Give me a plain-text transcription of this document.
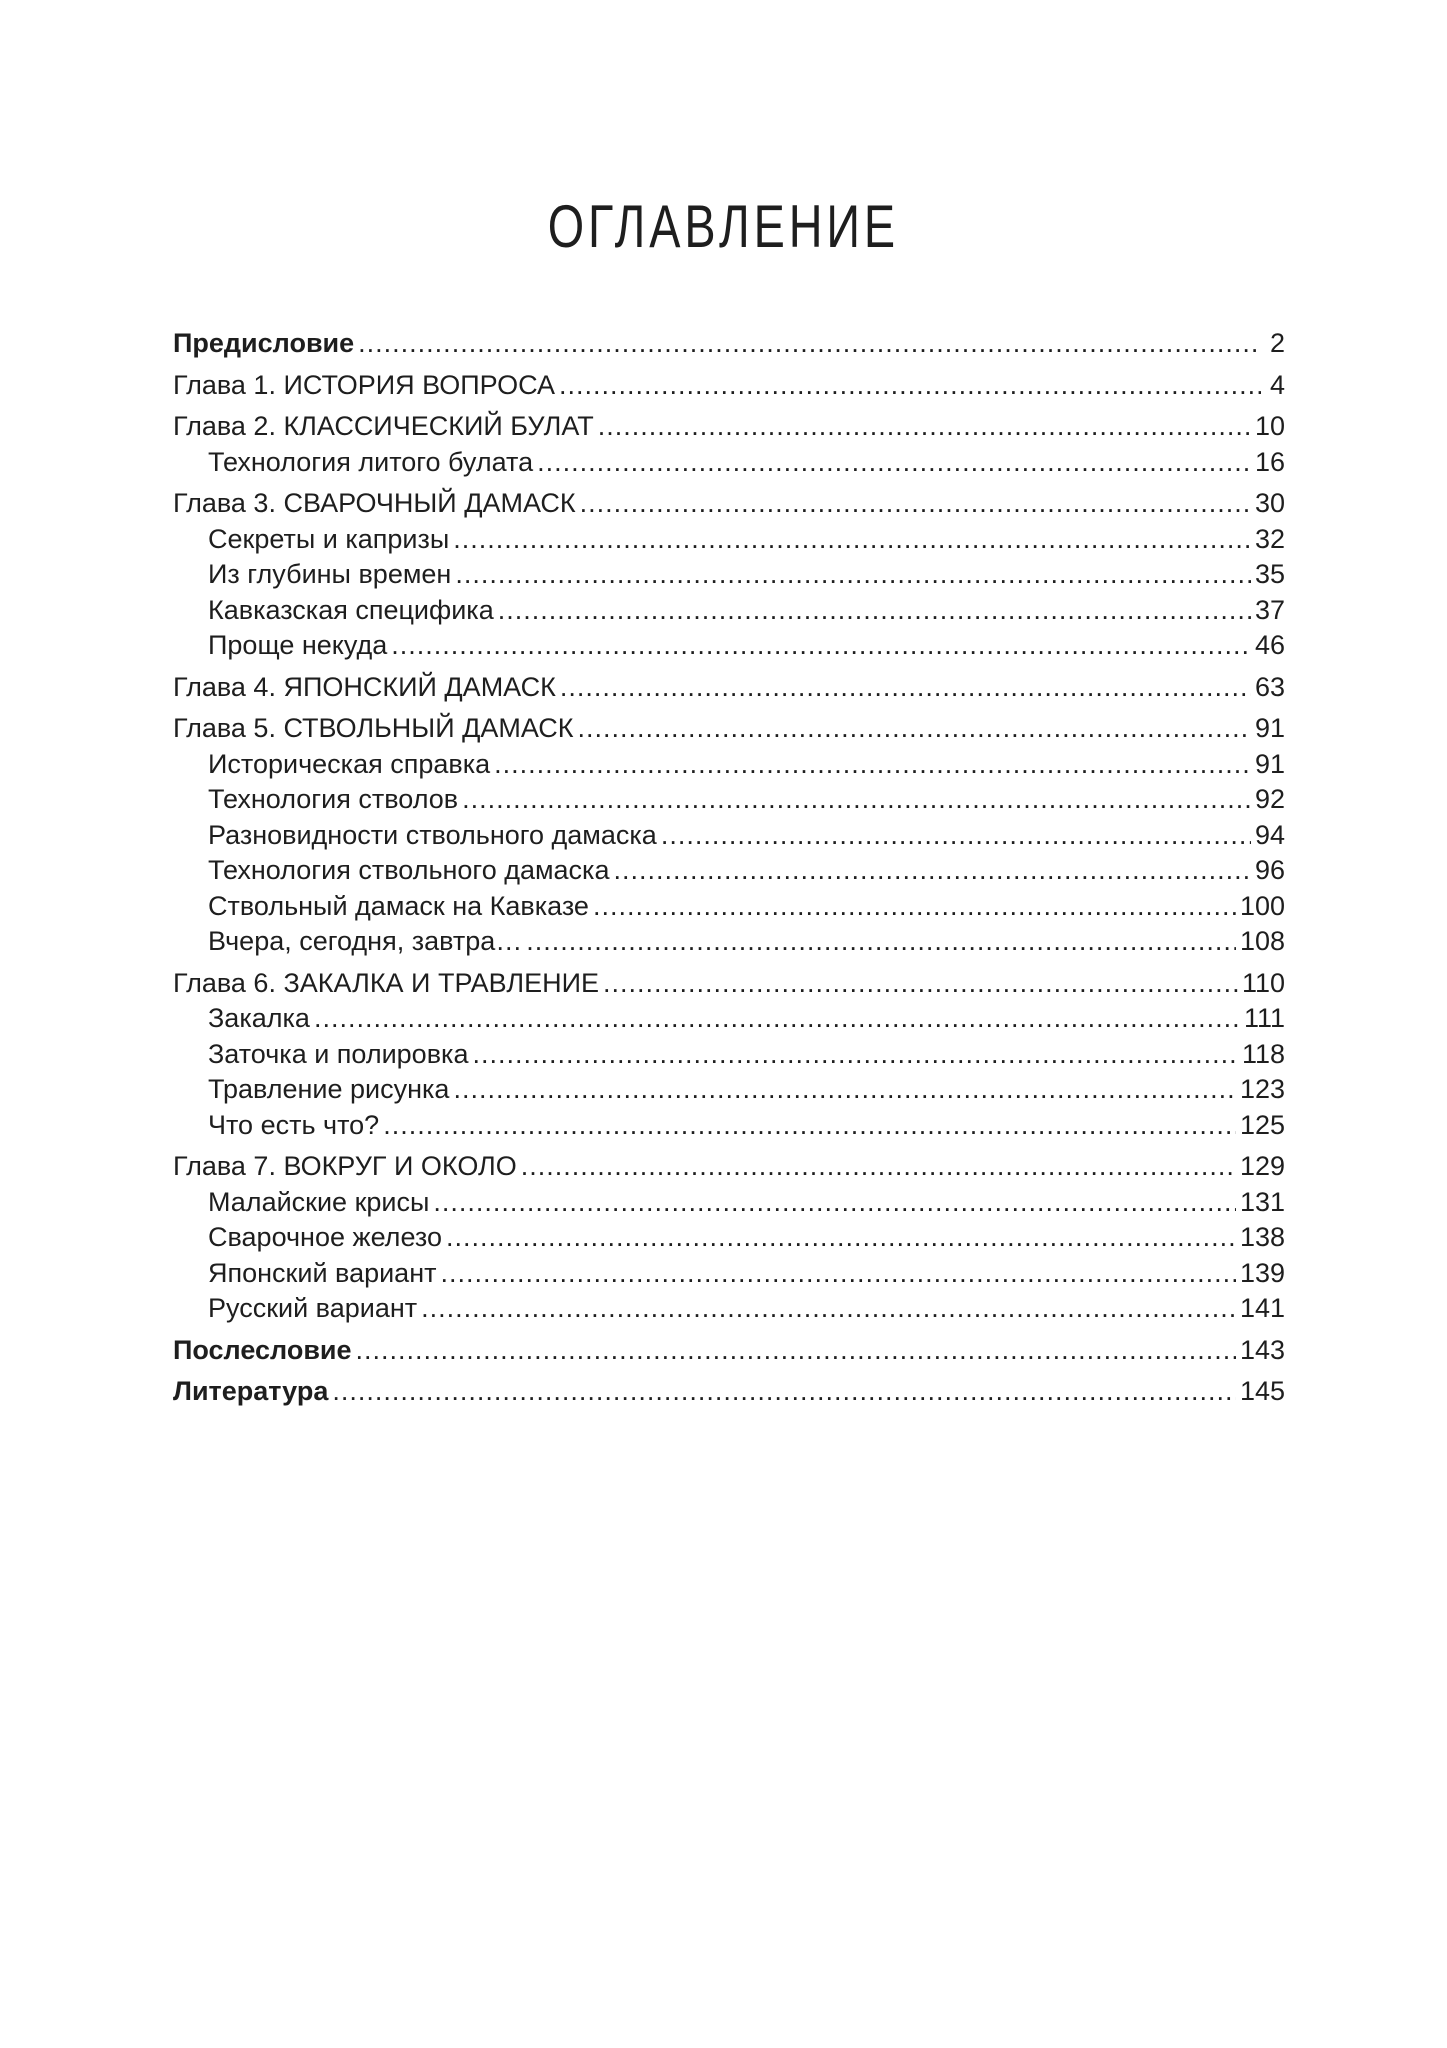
ОГЛАВЛЕНИЕ
Предисловие .....	2
Глава 1. ИСТОРИЯ ВОПРОСА .....	4
Глава 2. КЛАССИЧЕСКИЙ БУЛАТ .....	10
Технология литого булата .....	16
Глава 3. СВАРОЧНЫЙ ДАМАСК .....	30
Секреты и капризы .....	32
Из глубины времен .....	35
Кавказская специфика .....	37
Проще некуда .....	46
Глава 4. ЯПОНСКИЙ ДАМАСК .....	63
Глава 5. СТВОЛЬНЫЙ ДАМАСК .....	91
Историческая справка .....	91
Технология стволов .....	92
Разновидности ствольного дамаска .....	94
Технология ствольного дамаска .....	96
Ствольный дамаск на Кавказе .....	100
Вчера, сегодня, завтра… .....	108
Глава 6. ЗАКАЛКА И ТРАВЛЕНИЕ .....	110
Закалка .....	111
Заточка и полировка .....	118
Травление рисунка .....	123
Что есть что? .....	125
Глава 7. ВОКРУГ И ОКОЛО .....	129
Малайские крисы .....	131
Сварочное железо .....	138
Японский вариант .....	139
Русский вариант .....	141
Послесловие .....	143
Литература .....	145
